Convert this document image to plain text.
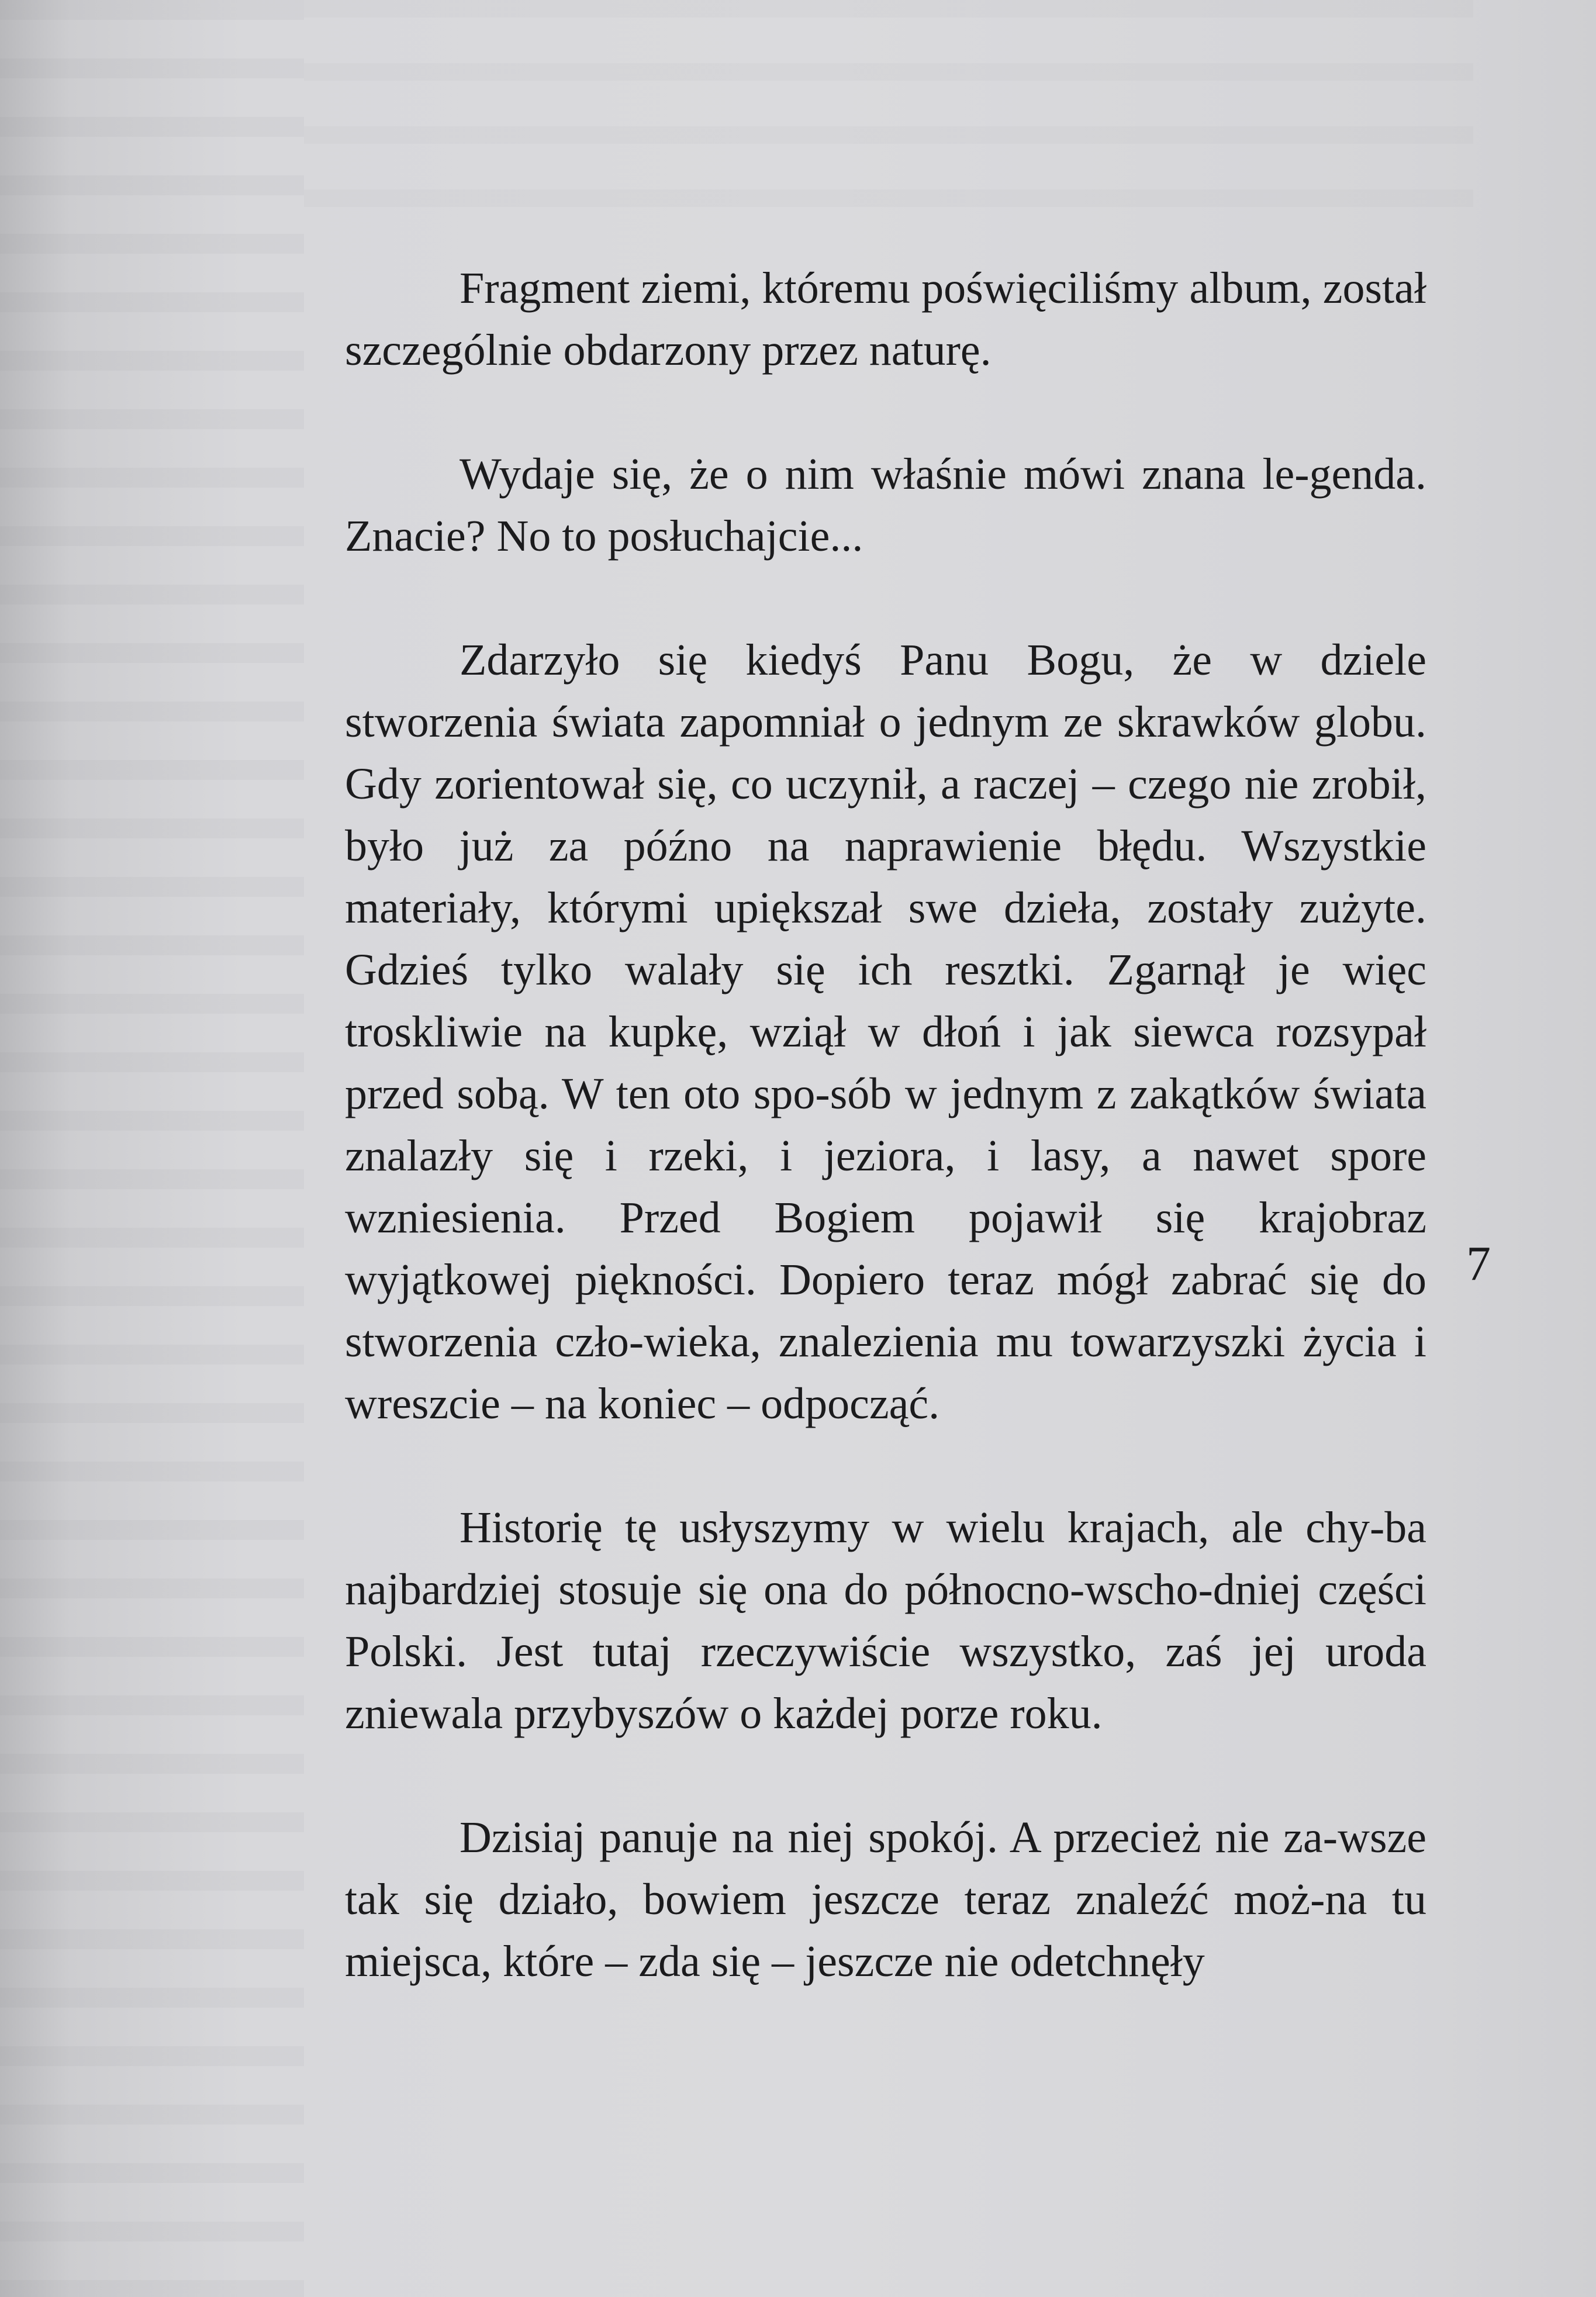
Fragment ziemi, któremu poświęciliśmy album, został szczególnie obdarzony przez naturę.

Wydaje się, że o nim właśnie mówi znana le-genda. Znacie? No to posłuchajcie...

Zdarzyło się kiedyś Panu Bogu, że w dziele stworzenia świata zapomniał o jednym ze skrawków globu. Gdy zorientował się, co uczynił, a raczej – czego nie zrobił, było już za późno na naprawienie błędu. Wszystkie materiały, którymi upiększał swe dzieła, zostały zużyte. Gdzieś tylko walały się ich resztki. Zgarnął je więc troskliwie na kupkę, wziął w dłoń i jak siewca rozsypał przed sobą. W ten oto spo-sób w jednym z zakątków świata znalazły się i rzeki, i jeziora, i lasy, a nawet spore wzniesienia. Przed Bogiem pojawił się krajobraz wyjątkowej piękności. Dopiero teraz mógł zabrać się do stworzenia czło-wieka, znalezienia mu towarzyszki życia i wreszcie – na koniec – odpocząć.

Historię tę usłyszymy w wielu krajach, ale chy-ba najbardziej stosuje się ona do północno-wscho-dniej części Polski. Jest tutaj rzeczywiście wszystko, zaś jej uroda zniewala przybyszów o każdej porze roku.

Dzisiaj panuje na niej spokój. A przecież nie za-wsze tak się działo, bowiem jeszcze teraz znaleźć moż-na tu miejsca, które – zda się – jeszcze nie odetchnęły

7
